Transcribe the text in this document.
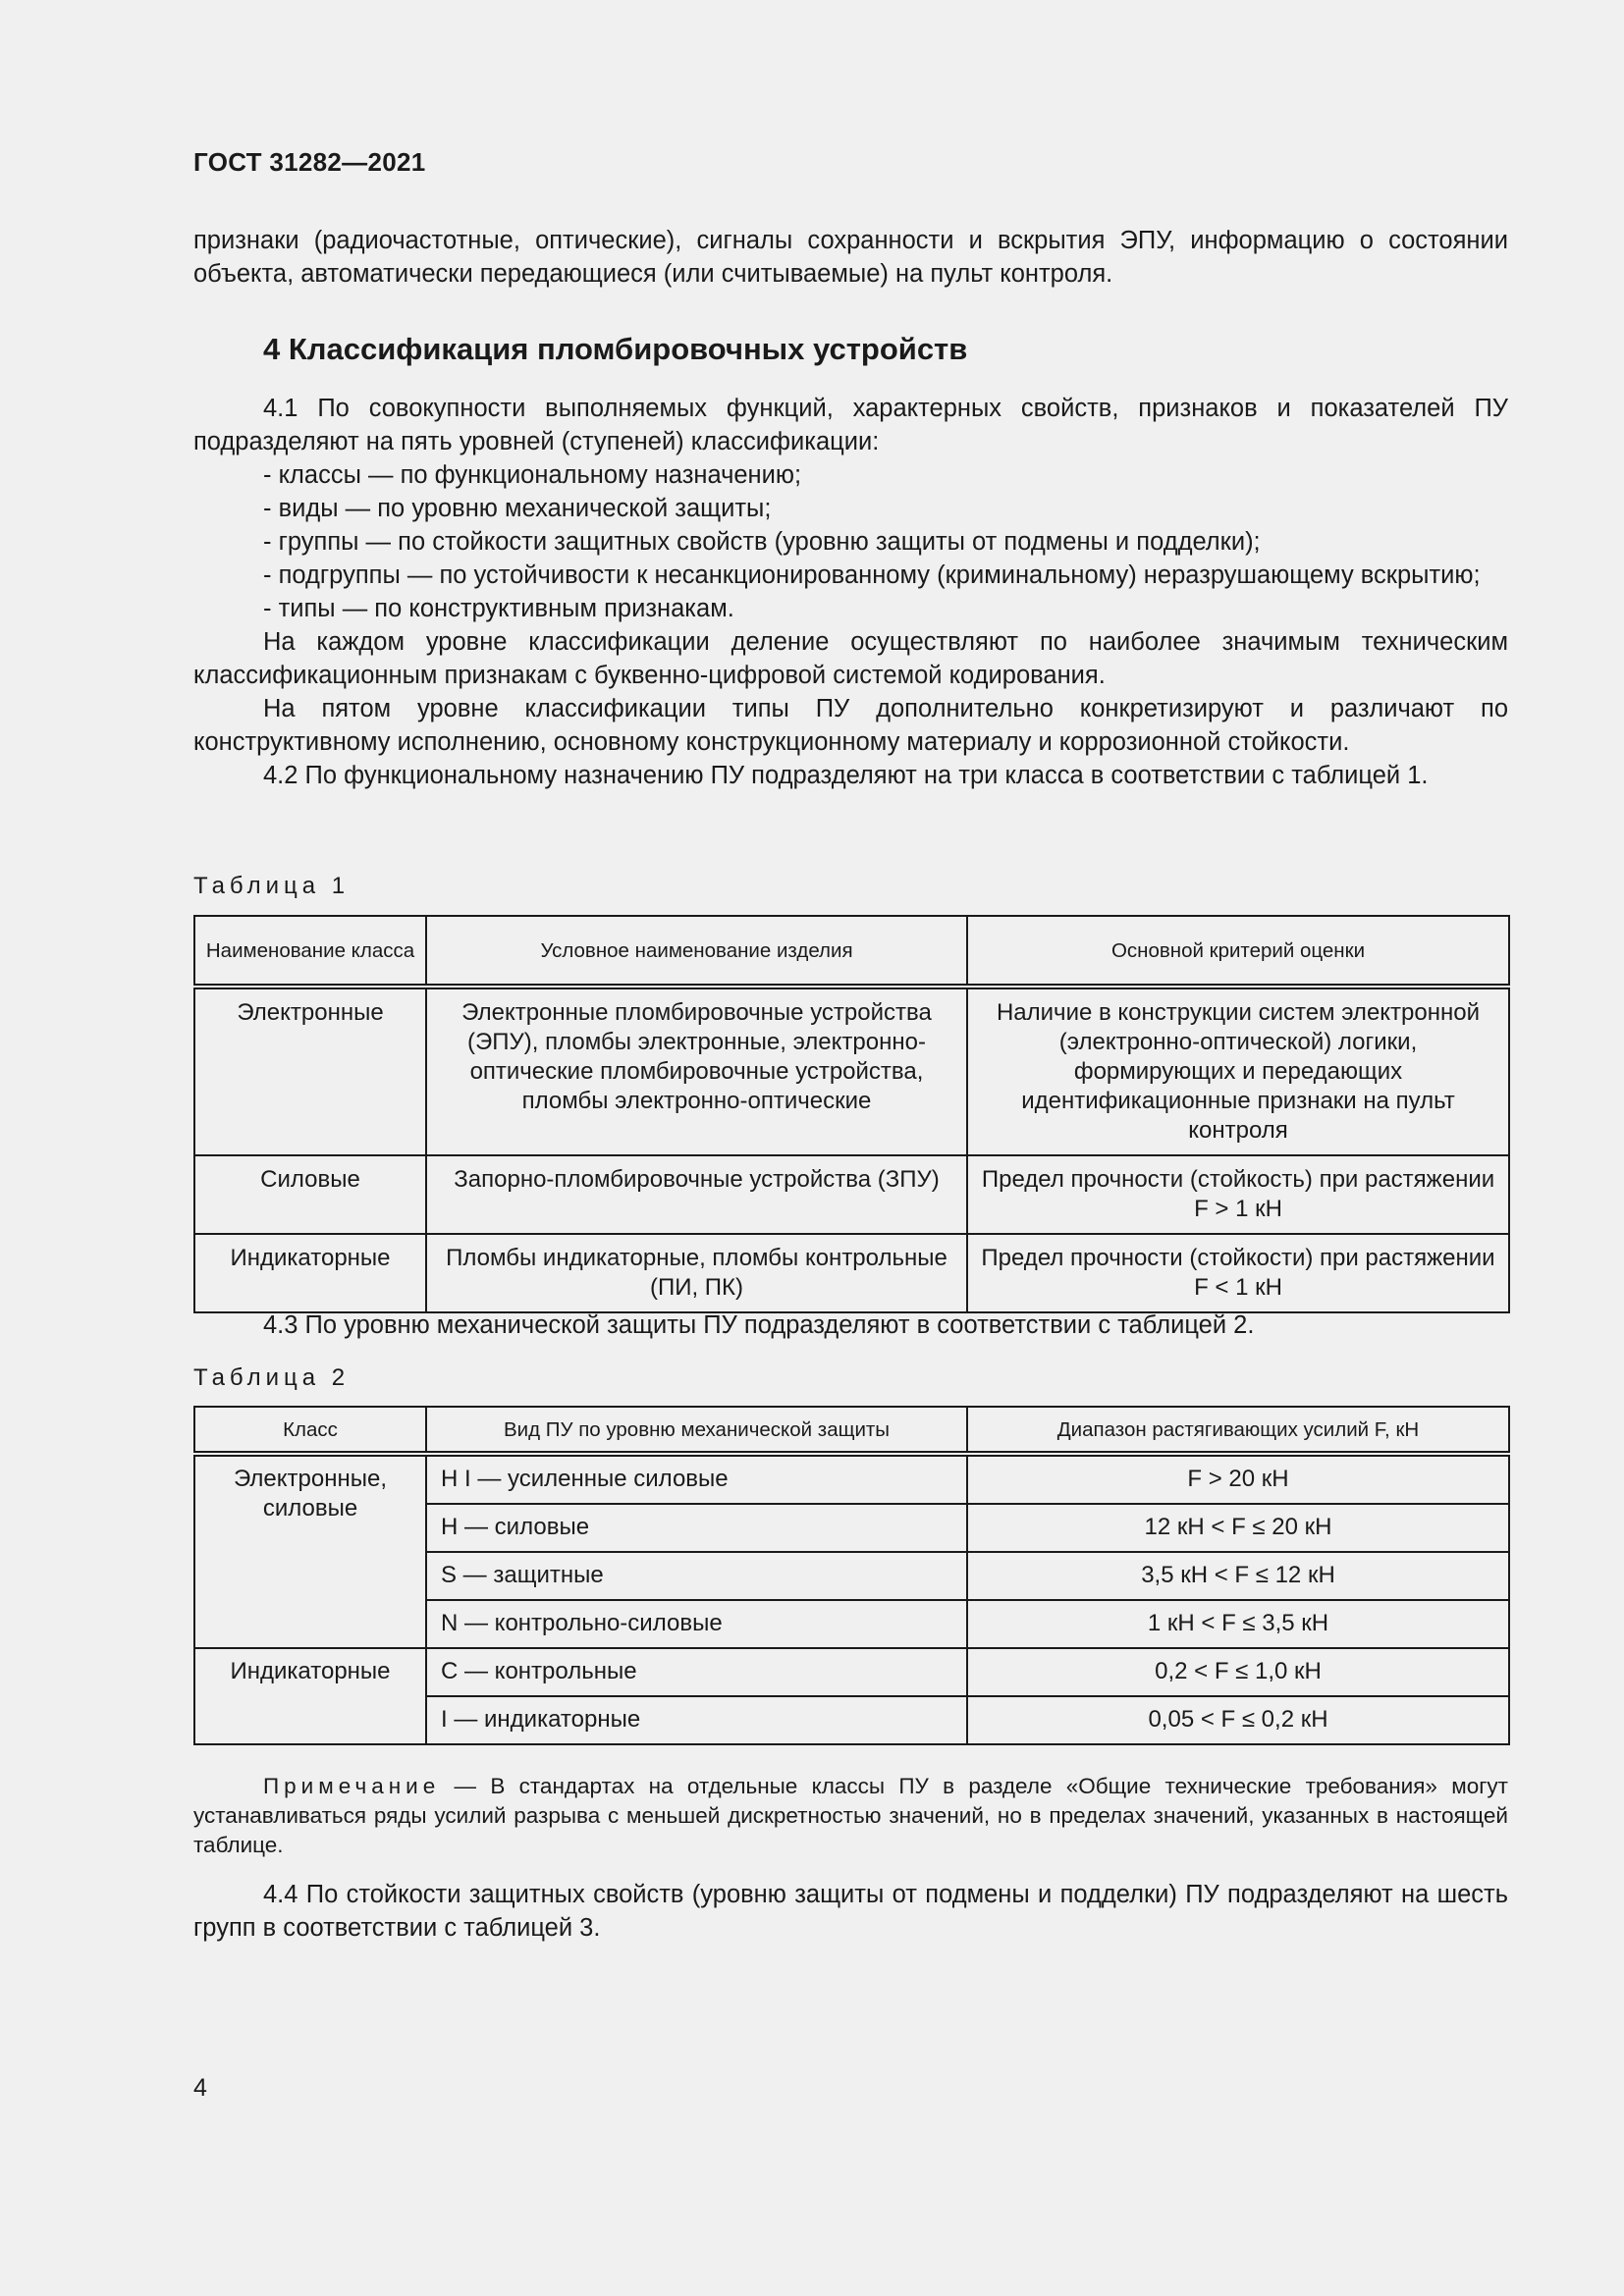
ГОСТ 31282—2021

признаки (радиочастотные, оптические), сигналы сохранности и вскрытия ЭПУ, информацию о состоянии объекта, автоматически передающиеся (или считываемые) на пульт контроля.

4 Классификация пломбировочных устройств

4.1 По совокупности выполняемых функций, характерных свойств, признаков и показателей ПУ подразделяют на пять уровней (ступеней) классификации:

- классы — по функциональному назначению;

- виды — по уровню механической защиты;

- группы — по стойкости защитных свойств (уровню защиты от подмены и подделки);

- подгруппы — по устойчивости к несанкционированному (криминальному) неразрушающему вскрытию;

- типы — по конструктивным признакам.

На каждом уровне классификации деление осуществляют по наиболее значимым техническим классификационным признакам с буквенно-цифровой системой кодирования.

На пятом уровне классификации типы ПУ дополнительно конкретизируют и различают по конструктивному исполнению, основному конструкционному материалу и коррозионной стойкости.

4.2 По функциональному назначению ПУ подразделяют на три класса в соответствии с таблицей 1.

Таблица 1

Наименование класса	Условное наименование изделия	Основной критерий оценки
Электронные	Электронные пломбировочные устройства (ЭПУ), пломбы электронные, электронно-оптические пломбировочные устройства, пломбы электронно-оптические	Наличие в конструкции систем электронной (электронно-оптической) логики, формирующих и передающих идентификационные признаки на пульт контроля
Силовые	Запорно-пломбировочные устройства (ЗПУ)	Предел прочности (стойкость) при растяжении F > 1 кН
Индикаторные	Пломбы индикаторные, пломбы контрольные (ПИ, ПК)	Предел прочности (стойкости) при растяжении F < 1 кН

4.3 По уровню механической защиты ПУ подразделяют в соответствии с таблицей 2.

Таблица 2

Класс	Вид ПУ по уровню механической защиты	Диапазон растягивающих усилий F, кН
Электронные, силовые	H I — усиленные силовые	F > 20 кН
	H — силовые	12 кН < F ≤ 20 кН
	S — защитные	3,5 кН < F ≤ 12 кН
	N — контрольно-силовые	1 кН < F ≤ 3,5 кН
Индикаторные	С — контрольные	0,2 < F ≤ 1,0 кН
	I — индикаторные	0,05 < F ≤ 0,2 кН

Примечание — В стандартах на отдельные классы ПУ в разделе «Общие технические требования» могут устанавливаться ряды усилий разрыва с меньшей дискретностью значений, но в пределах значений, указанных в настоящей таблице.

4.4 По стойкости защитных свойств (уровню защиты от подмены и подделки) ПУ подразделяют на шесть групп в соответствии с таблицей 3.

4
